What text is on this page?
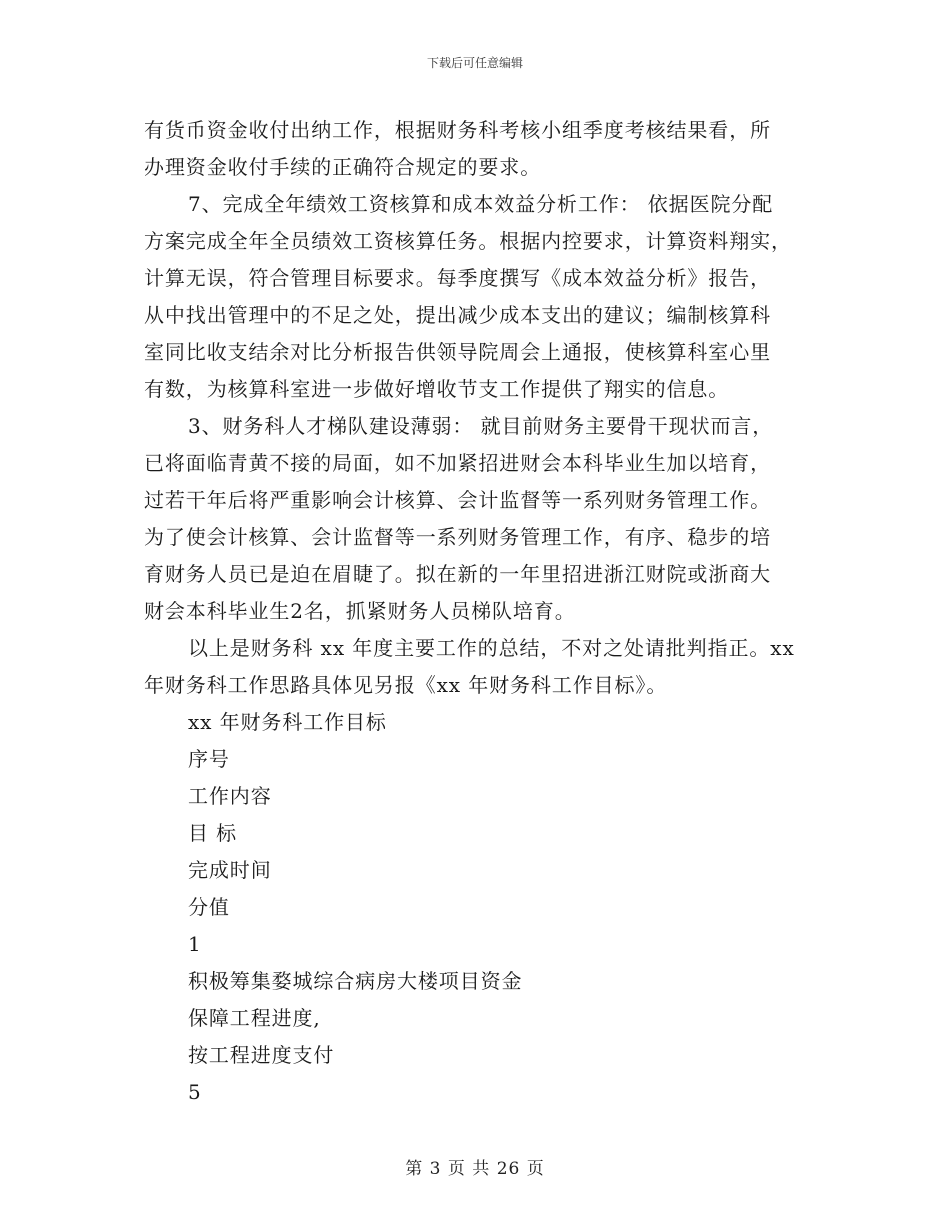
下载后可任意编辑
有货币资金收付出纳工作，根据财务科考核小组季度考核结果看，所
办理资金收付手续的正确符合规定的要求。
7、完成全年绩效工资核算和成本效益分析工作： 依据医院分配
方案完成全年全员绩效工资核算任务。根据内控要求，计算资料翔实，
计算无误，符合管理目标要求。每季度撰写《成本效益分析》报告，
从中找出管理中的不足之处，提出减少成本支出的建议；编制核算科
室同比收支结余对比分析报告供领导院周会上通报，使核算科室心里
有数，为核算科室进一步做好增收节支工作提供了翔实的信息。
3、财务科人才梯队建设薄弱： 就目前财务主要骨干现状而言，
已将面临青黄不接的局面，如不加紧招进财会本科毕业生加以培育，
过若干年后将严重影响会计核算、会计监督等一系列财务管理工作。
为了使会计核算、会计监督等一系列财务管理工作，有序、稳步的培
育财务人员已是迫在眉睫了。拟在新的一年里招进浙江财院或浙商大
财会本科毕业生2名，抓紧财务人员梯队培育。
以上是财务科 xx 年度主要工作的总结，不对之处请批判指正。xx
年财务科工作思路具体见另报《xx 年财务科工作目标》。
xx 年财务科工作目标
序号
工作内容
目 标
完成时间
分值
1
积极筹集婺城综合病房大楼项目资金
保障工程进度,
按工程进度支付
5
第 3 页 共 26 页
